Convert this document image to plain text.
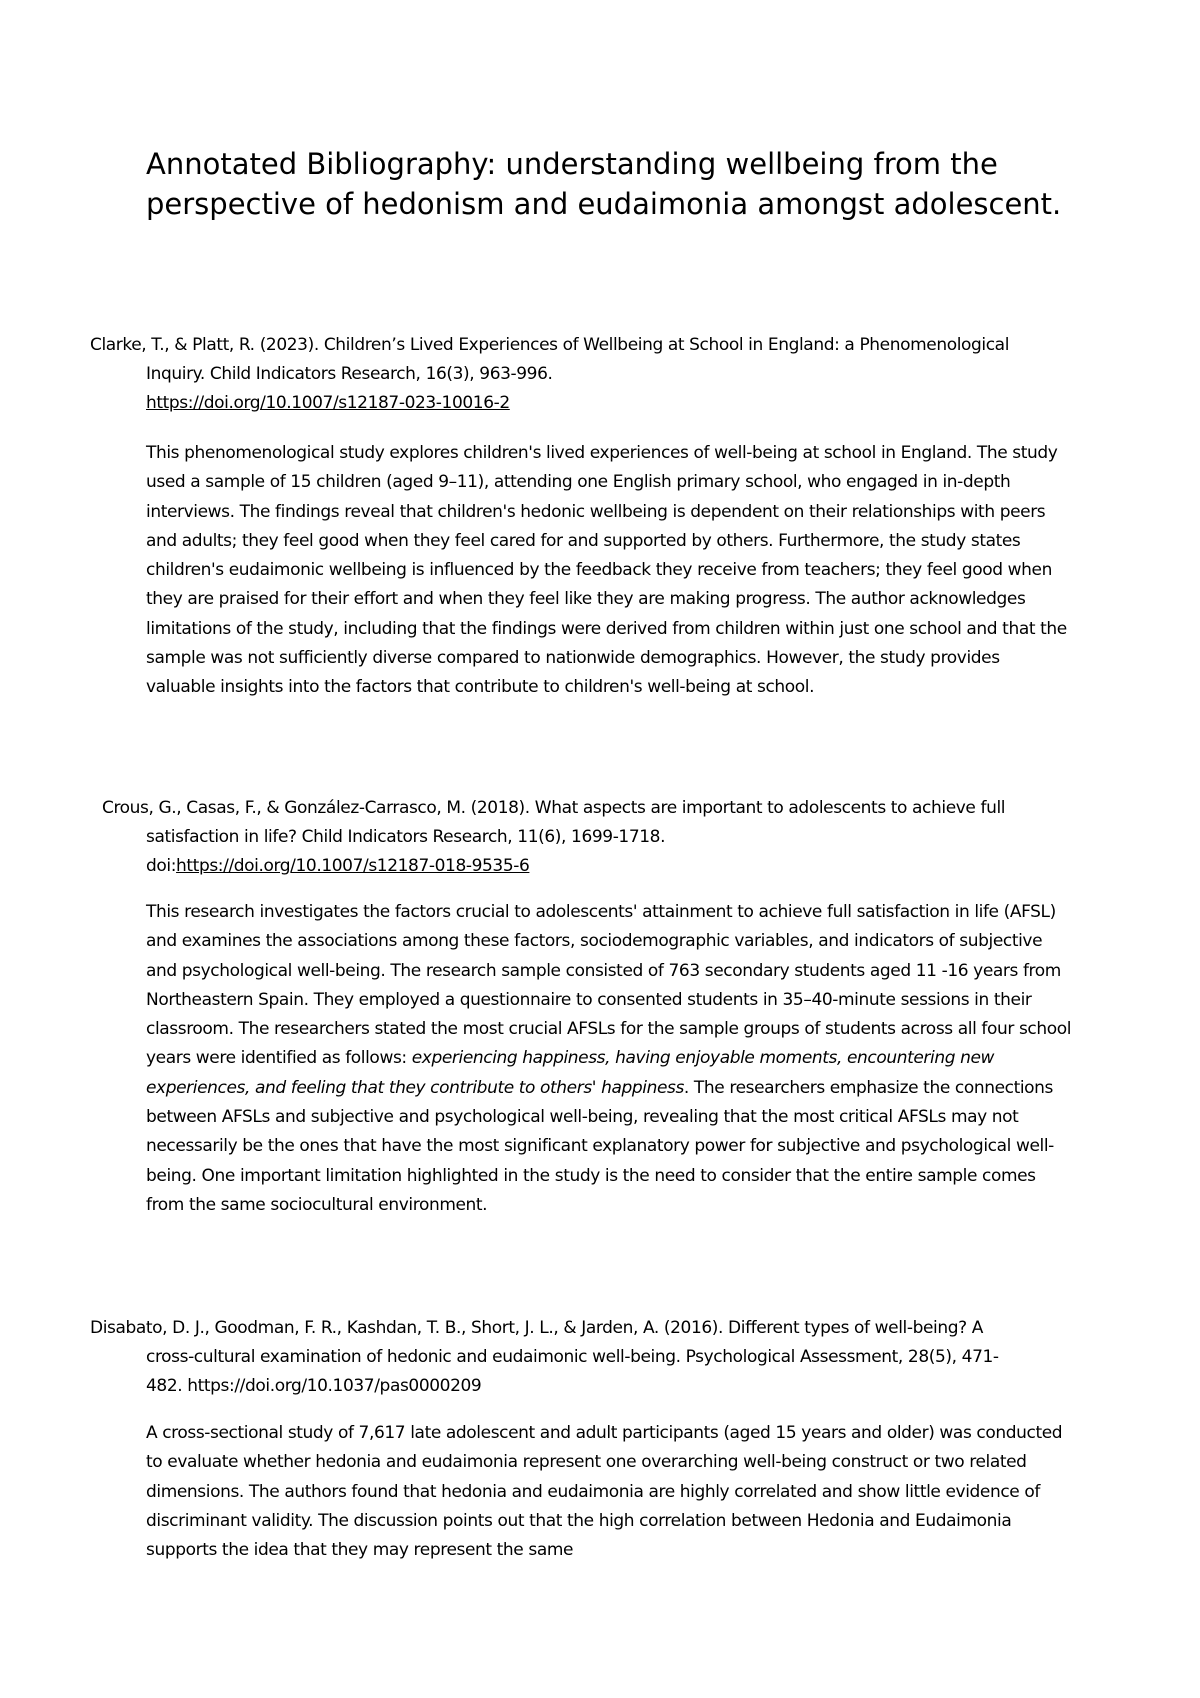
Annotated Bibliography: understanding wellbeing from the perspective of hedonism and eudaimonia amongst adolescent.

Clarke, T., & Platt, R. (2023). Children’s Lived Experiences of Wellbeing at School in England: a Phenomenological Inquiry. Child Indicators Research, 16(3), 963-996.
https://doi.org/10.1007/s12187-023-10016-2

This phenomenological study explores children's lived experiences of well-being at school in England. The study used a sample of 15 children (aged 9–11), attending one English primary school, who engaged in in-depth interviews. The findings reveal that children's hedonic wellbeing is dependent on their relationships with peers and adults; they feel good when they feel cared for and supported by others. Furthermore, the study states children's eudaimonic wellbeing is influenced by the feedback they receive from teachers; they feel good when they are praised for their effort and when they feel like they are making progress. The author acknowledges limitations of the study, including that the findings were derived from children within just one school and that the sample was not sufficiently diverse compared to nationwide demographics. However, the study provides valuable insights into the factors that contribute to children's well-being at school.

Crous, G., Casas, F., & González-Carrasco, M. (2018). What aspects are important to adolescents to achieve full satisfaction in life? Child Indicators Research, 11(6), 1699-1718.
doi:https://doi.org/10.1007/s12187-018-9535-6

This research investigates the factors crucial to adolescents' attainment to achieve full satisfaction in life (AFSL) and examines the associations among these factors, sociodemographic variables, and indicators of subjective and psychological well-being. The research sample consisted of 763 secondary students aged 11 -16 years from Northeastern Spain. They employed a questionnaire to consented students in 35–40-minute sessions in their classroom. The researchers stated the most crucial AFSLs for the sample groups of students across all four school years were identified as follows: experiencing happiness, having enjoyable moments, encountering new experiences, and feeling that they contribute to others' happiness. The researchers emphasize the connections between AFSLs and subjective and psychological well-being, revealing that the most critical AFSLs may not necessarily be the ones that have the most significant explanatory power for subjective and psychological well-being. One important limitation highlighted in the study is the need to consider that the entire sample comes from the same sociocultural environment.

Disabato, D. J., Goodman, F. R., Kashdan, T. B., Short, J. L., & Jarden, A. (2016). Different types of well-being? A cross-cultural examination of hedonic and eudaimonic well-being. Psychological Assessment, 28(5), 471-482. https://doi.org/10.1037/pas0000209

A cross-sectional study of 7,617 late adolescent and adult participants (aged 15 years and older) was conducted to evaluate whether hedonia and eudaimonia represent one overarching well-being construct or two related dimensions. The authors found that hedonia and eudaimonia are highly correlated and show little evidence of discriminant validity. The discussion points out that the high correlation between Hedonia and Eudaimonia supports the idea that they may represent the same
